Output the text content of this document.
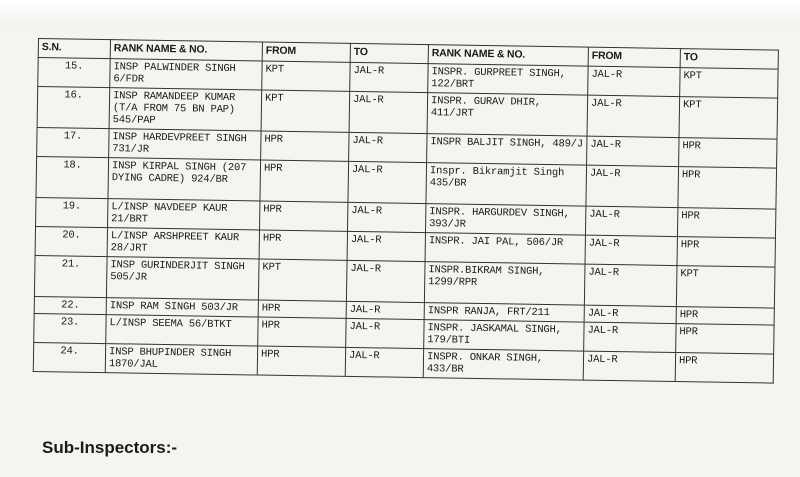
S.N.	RANK NAME & NO.	FROM	TO	RANK NAME & NO.	FROM	TO
15.	INSP PALWINDER SINGH 6/FDR	KPT	JAL-R	INSPR. GURPREET SINGH, 122/BRT	JAL-R	KPT
16.	INSP RAMANDEEP KUMAR (T/A FROM 75 BN PAP) 545/PAP	KPT	JAL-R	INSPR. GURAV DHIR, 411/JRT	JAL-R	KPT
17.	INSP HARDEVPREET SINGH 731/JR	HPR	JAL-R	INSPR BALJIT SINGH, 489/J	JAL-R	HPR
18.	INSP KIRPAL SINGH (207 DYING CADRE) 924/BR	HPR	JAL-R	Inspr. Bikramjit Singh 435/BR	JAL-R	HPR
19.	L/INSP NAVDEEP KAUR 21/BRT	HPR	JAL-R	INSPR. HARGURDEV SINGH, 393/JR	JAL-R	HPR
20.	L/INSP ARSHPREET KAUR 28/JRT	HPR	JAL-R	INSPR. JAI PAL, 506/JR	JAL-R	HPR
21.	INSP GURINDERJIT SINGH 505/JR	KPT	JAL-R	INSPR.BIKRAM SINGH, 1299/RPR	JAL-R	KPT
22.	INSP RAM SINGH 503/JR	HPR	JAL-R	INSPR RANJA, FRT/211	JAL-R	HPR
23.	L/INSP SEEMA 56/BTKT	HPR	JAL-R	INSPR. JASKAMAL SINGH, 179/BTI	JAL-R	HPR
24.	INSP BHUPINDER SINGH 1870/JAL	HPR	JAL-R	INSPR. ONKAR SINGH, 433/BR	JAL-R	HPR
Sub-Inspectors:-
